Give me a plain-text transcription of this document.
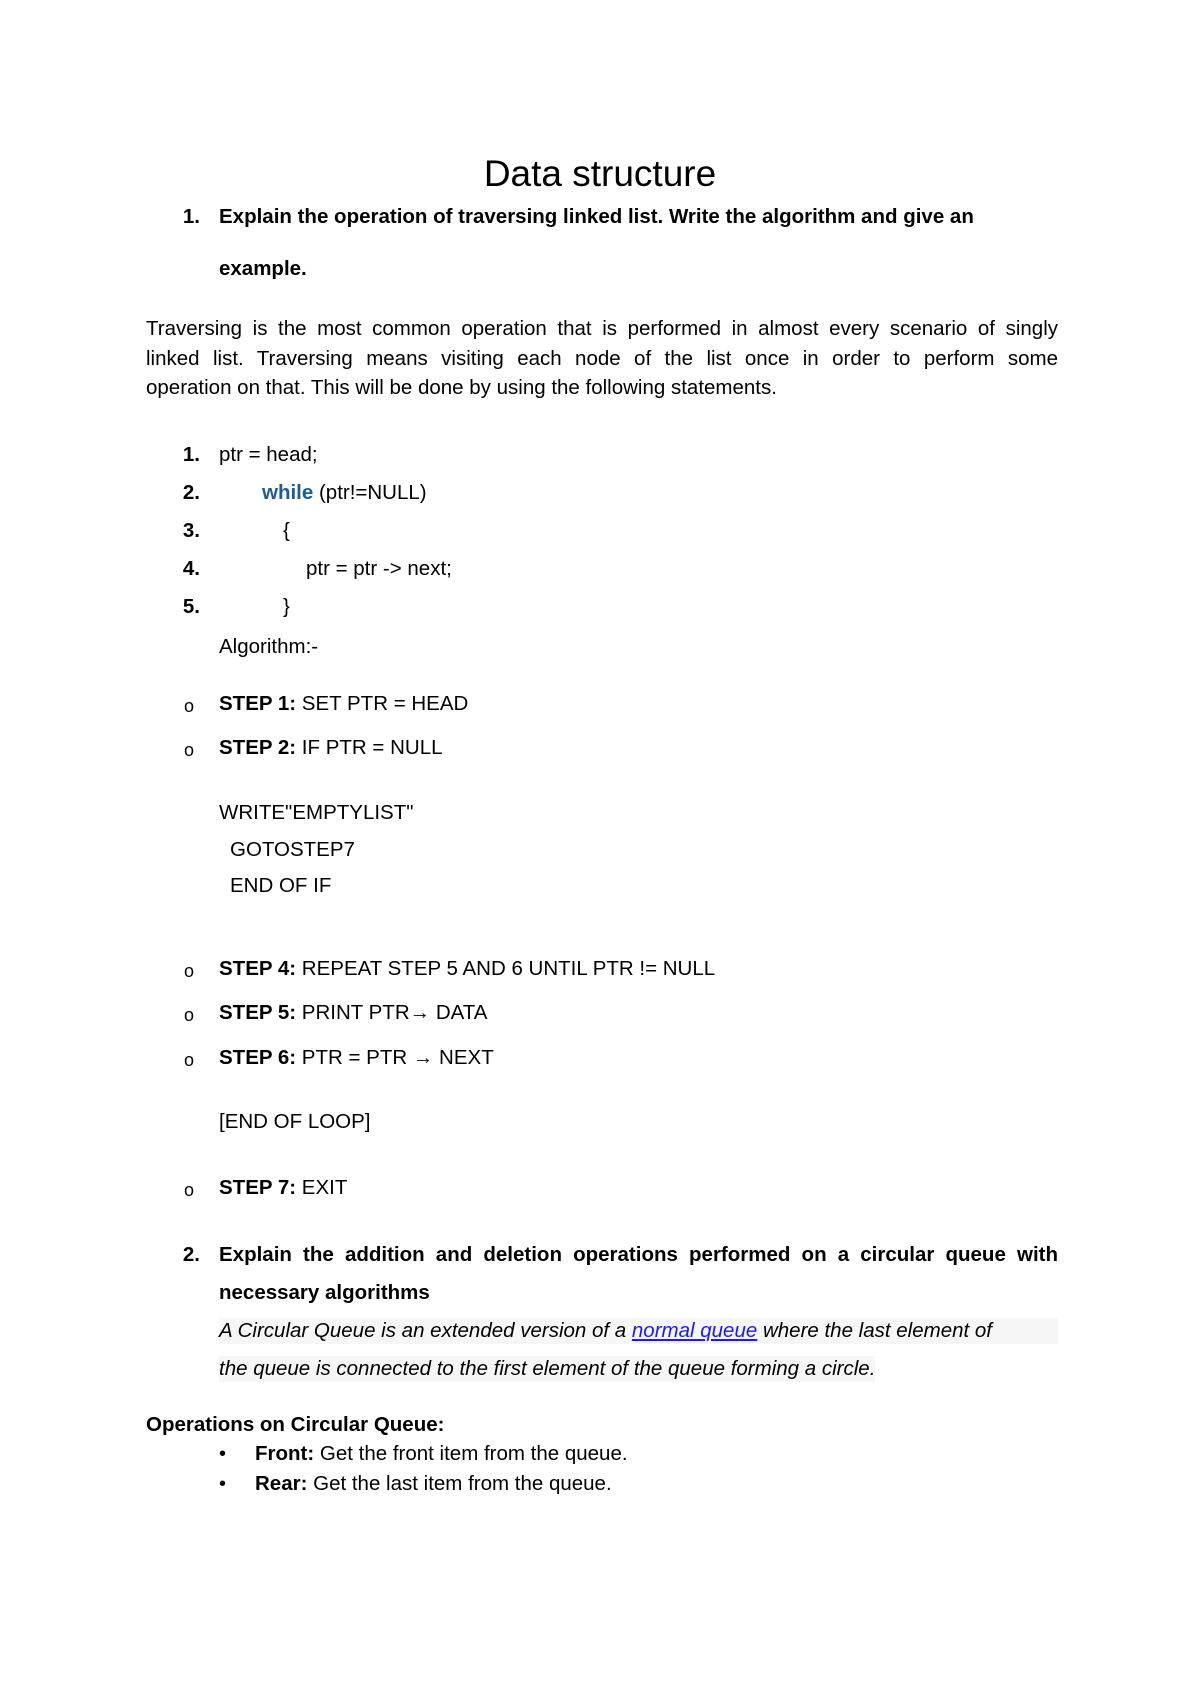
Data structure
1. Explain the operation of traversing linked list. Write the algorithm and give an
example.
Traversing is the most common operation that is performed in almost every scenario of singly
linked list. Traversing means visiting each node of the list once in order to perform some
operation on that. This will be done by using the following statements.
1. ptr = head;
2.	while (ptr!=NULL)
3.	{
4.	ptr = ptr -> next;
5.	}
Algorithm:-
o STEP 1: SET PTR = HEAD
o STEP 2: IF PTR = NULL
WRITE"EMPTYLIST"
GOTOSTEP7
END OF IF
o STEP 4: REPEAT STEP 5 AND 6 UNTIL PTR != NULL
o STEP 5: PRINT PTR→ DATA
o STEP 6: PTR = PTR → NEXT
[END OF LOOP]
o STEP 7: EXIT
2. Explain the addition and deletion operations performed on a circular queue with
necessary algorithms
A Circular Queue is an extended version of a normal queue where the last element of
the queue is connected to the first element of the queue forming a circle.
Operations on Circular Queue:
• Front: Get the front item from the queue.
• Rear: Get the last item from the queue.
